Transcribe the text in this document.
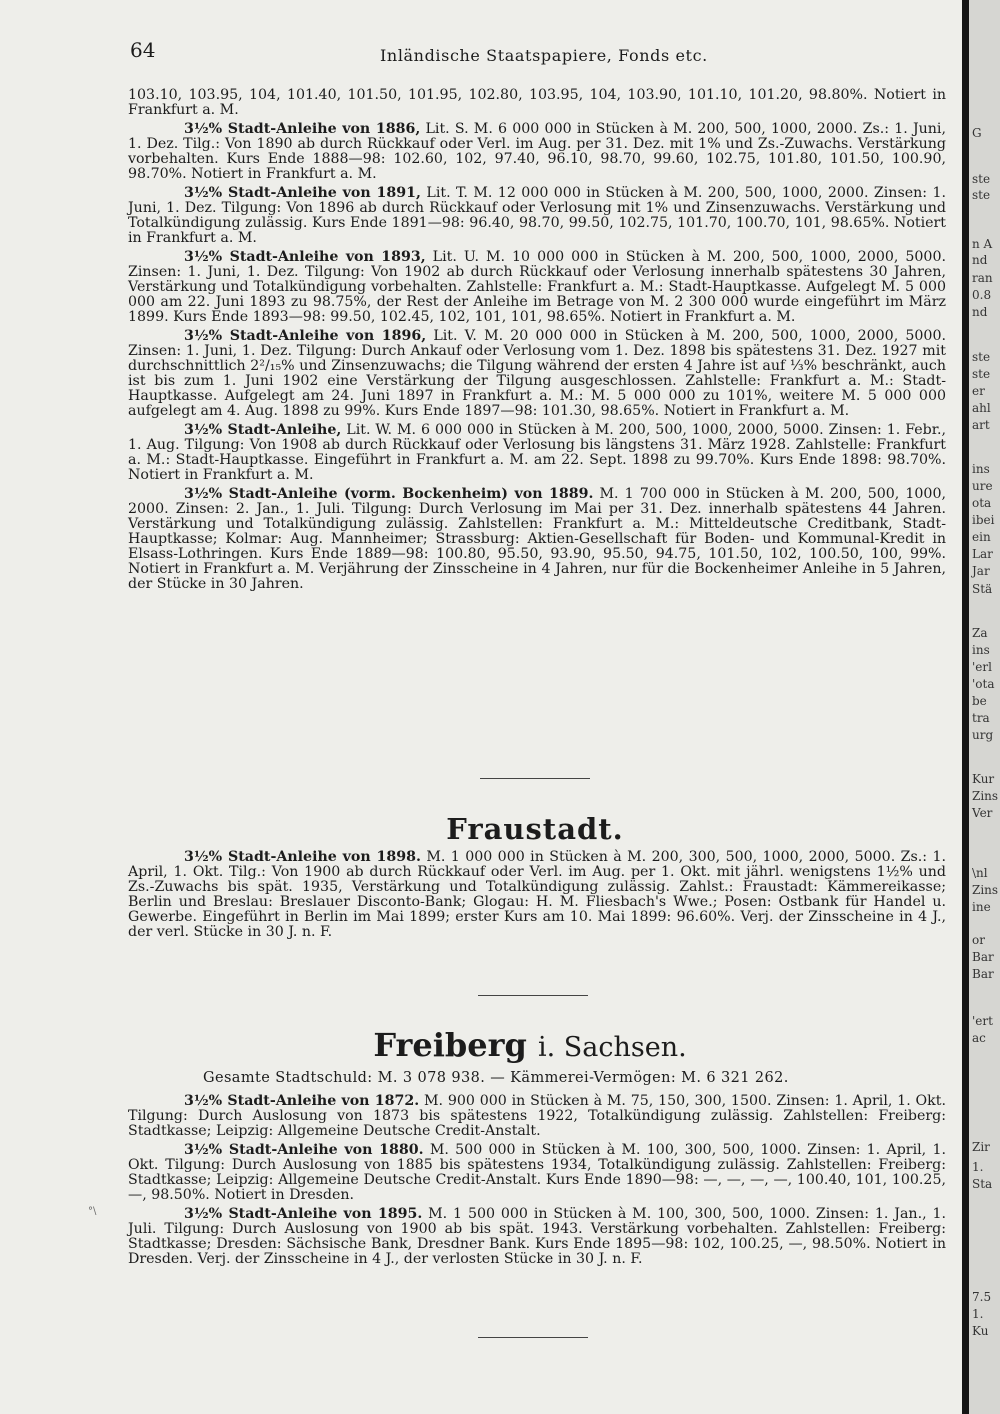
64	Inländische Staatspapiere, Fonds etc.

103.10, 103.95, 104, 101.40, 101.50, 101.95, 102.80, 103.95, 104, 103.90, 101.10, 101.20, 98.80%. Notiert in Frankfurt a. M.

3½% Stadt-Anleihe von 1886, Lit. S. M. 6 000 000 in Stücken à M. 200, 500, 1000, 2000. Zs.: 1. Juni, 1. Dez. Tilg.: Von 1890 ab durch Rückkauf oder Verl. im Aug. per 31. Dez. mit 1% und Zs.-Zuwachs. Verstärkung vorbehalten. Kurs Ende 1888—98: 102.60, 102, 97.40, 96.10, 98.70, 99.60, 102.75, 101.80, 101.50, 100.90, 98.70%. Notiert in Frankfurt a. M.

3½% Stadt-Anleihe von 1891, Lit. T. M. 12 000 000 in Stücken à M. 200, 500, 1000, 2000. Zinsen: 1. Juni, 1. Dez. Tilgung: Von 1896 ab durch Rückkauf oder Verlosung mit 1% und Zinsenzuwachs. Verstärkung und Totalkündigung zulässig. Kurs Ende 1891—98: 96.40, 98.70, 99.50, 102.75, 101.70, 100.70, 101, 98.65%. Notiert in Frankfurt a. M.

3½% Stadt-Anleihe von 1893, Lit. U. M. 10 000 000 in Stücken à M. 200, 500, 1000, 2000, 5000. Zinsen: 1. Juni, 1. Dez. Tilgung: Von 1902 ab durch Rückkauf oder Verlosung innerhalb spätestens 30 Jahren, Verstärkung und Totalkündigung vorbehalten. Zahlstelle: Frankfurt a. M.: Stadt-Hauptkasse. Aufgelegt M. 5 000 000 am 22. Juni 1893 zu 98.75%, der Rest der Anleihe im Betrage von M. 2 300 000 wurde eingeführt im März 1899. Kurs Ende 1893—98: 99.50, 102.45, 102, 101, 101, 98.65%. Notiert in Frankfurt a. M.

3½% Stadt-Anleihe von 1896, Lit. V. M. 20 000 000 in Stücken à M. 200, 500, 1000, 2000, 5000. Zinsen: 1. Juni, 1. Dez. Tilgung: Durch Ankauf oder Verlosung vom 1. Dez. 1898 bis spätestens 31. Dez. 1927 mit durchschnittlich 2²/₁₅% und Zinsenzuwachs; die Tilgung während der ersten 4 Jahre ist auf ⅓% beschränkt, auch ist bis zum 1. Juni 1902 eine Verstärkung der Tilgung ausgeschlossen. Zahlstelle: Frankfurt a. M.: Stadt-Hauptkasse. Aufgelegt am 24. Juni 1897 in Frankfurt a. M.: M. 5 000 000 zu 101%, weitere M. 5 000 000 aufgelegt am 4. Aug. 1898 zu 99%. Kurs Ende 1897—98: 101.30, 98.65%. Notiert in Frankfurt a. M.

3½% Stadt-Anleihe, Lit. W. M. 6 000 000 in Stücken à M. 200, 500, 1000, 2000, 5000. Zinsen: 1. Febr., 1. Aug. Tilgung: Von 1908 ab durch Rückkauf oder Verlosung bis längstens 31. März 1928. Zahlstelle: Frankfurt a. M.: Stadt-Hauptkasse. Eingeführt in Frankfurt a. M. am 22. Sept. 1898 zu 99.70%. Kurs Ende 1898: 98.70%. Notiert in Frankfurt a. M.

3½% Stadt-Anleihe (vorm. Bockenheim) von 1889. M. 1 700 000 in Stücken à M. 200, 500, 1000, 2000. Zinsen: 2. Jan., 1. Juli. Tilgung: Durch Verlosung im Mai per 31. Dez. innerhalb spätestens 44 Jahren. Verstärkung und Totalkündigung zulässig. Zahlstellen: Frankfurt a. M.: Mitteldeutsche Creditbank, Stadt-Hauptkasse; Kolmar: Aug. Mannheimer; Strassburg: Aktien-Gesellschaft für Boden- und Kommunal-Kredit in Elsass-Lothringen. Kurs Ende 1889—98: 100.80, 95.50, 93.90, 95.50, 94.75, 101.50, 102, 100.50, 100, 99%. Notiert in Frankfurt a. M. Verjährung der Zinsscheine in 4 Jahren, nur für die Bockenheimer Anleihe in 5 Jahren, der Stücke in 30 Jahren.

Fraustadt.

3½% Stadt-Anleihe von 1898. M. 1 000 000 in Stücken à M. 200, 300, 500, 1000, 2000, 5000. Zs.: 1. April, 1. Okt. Tilg.: Von 1900 ab durch Rückkauf oder Verl. im Aug. per 1. Okt. mit jährl. wenigstens 1½% und Zs.-Zuwachs bis spät. 1935, Verstärkung und Totalkündigung zulässig. Zahlst.: Fraustadt: Kämmereikasse; Berlin und Breslau: Breslauer Disconto-Bank; Glogau: H. M. Fliesbach's Wwe.; Posen: Ostbank für Handel u. Gewerbe. Eingeführt in Berlin im Mai 1899; erster Kurs am 10. Mai 1899: 96.60%. Verj. der Zinsscheine in 4 J., der verl. Stücke in 30 J. n. F.

Freiberg i. Sachsen.
Gesamte Stadtschuld: M. 3 078 938. — Kämmerei-Vermögen: M. 6 321 262.

3½% Stadt-Anleihe von 1872. M. 900 000 in Stücken à M. 75, 150, 300, 1500. Zinsen: 1. April, 1. Okt. Tilgung: Durch Auslosung von 1873 bis spätestens 1922, Totalkündigung zulässig. Zahlstellen: Freiberg: Stadtkasse; Leipzig: Allgemeine Deutsche Credit-Anstalt.

3½% Stadt-Anleihe von 1880. M. 500 000 in Stücken à M. 100, 300, 500, 1000. Zinsen: 1. April, 1. Okt. Tilgung: Durch Auslosung von 1885 bis spätestens 1934, Totalkündigung zulässig. Zahlstellen: Freiberg: Stadtkasse; Leipzig: Allgemeine Deutsche Credit-Anstalt. Kurs Ende 1890—98: —, —, —, —, 100.40, 101, 100.25, —, 98.50%. Notiert in Dresden.

3½% Stadt-Anleihe von 1895. M. 1 500 000 in Stücken à M. 100, 300, 500, 1000. Zinsen: 1. Jan., 1. Juli. Tilgung: Durch Auslosung von 1900 ab bis spät. 1943. Verstärkung vorbehalten. Zahlstellen: Freiberg: Stadtkasse; Dresden: Sächsische Bank, Dresdner Bank. Kurs Ende 1895—98: 102, 100.25, —, 98.50%. Notiert in Dresden. Verj. der Zinsscheine in 4 J., der verlosten Stücke in 30 J. n. F.

°\
G
ste
ste
n A
nd
ran
0.8
nd
ste
ste
er
ahl
art
ins
ure
ota
ibei
ein
Lar
Jar
Stä
Za
ins
'erl
'ota
be
tra
urg
Kur
Zins
Ver
\nl
Zins
ine
or
Bar
Bar
'ert
ac
Zir
1.
Sta
7.5
1.
Ku
